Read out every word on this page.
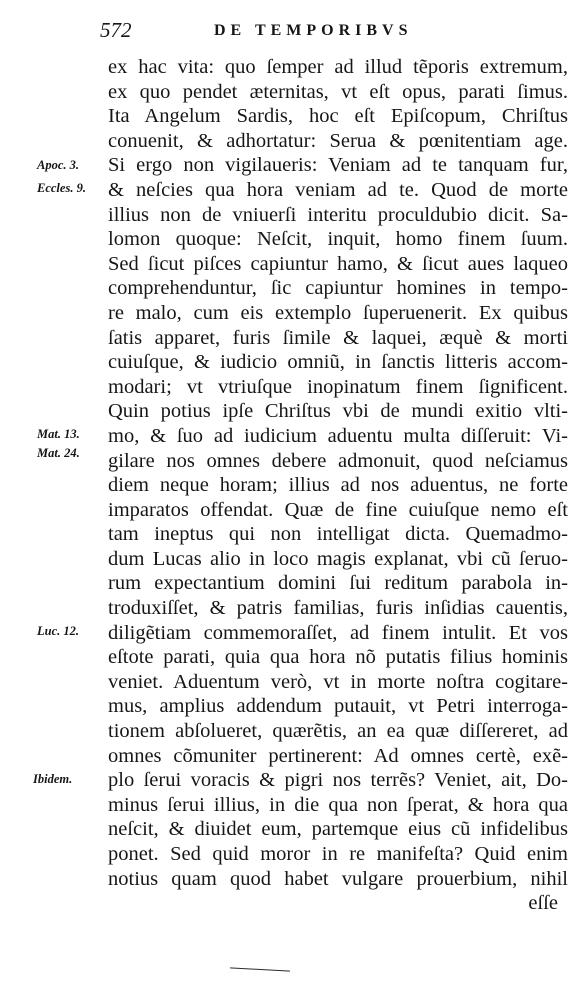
572	DE TEMPORIBVS
Apoc. 3.
Eccles. 9.
Mat. 13.
Mat. 24.
Luc. 12.
Ibidem.
ex hac vita: quo ſemper ad illud tẽporis extremum,
ex quo pendet æternitas, vt eſt opus, parati ſimus.
Ita Angelum Sardis, hoc eſt Epiſcopum, Chriſtus
conuenit, & adhortatur: Serua & pœnitentiam age.
Si ergo non vigilaueris: Veniam ad te tanquam fur,
& neſcies qua hora veniam ad te. Quod de morte
illius non de vniuerſi interitu proculdubio dicit. Sa-
lomon quoque: Neſcit, inquit, homo finem ſuum.
Sed ſicut piſces capiuntur hamo, & ſicut aues laqueo
comprehenduntur, ſic capiuntur homines in tempo-
re malo, cum eis extemplo ſuperuenerit. Ex quibus
ſatis apparet, furis ſimile & laquei, æquè & morti
cuiuſque, & iudicio omniũ, in ſanctis litteris accom-
modari; vt vtriuſque inopinatum finem ſignificent.
Quin potius ipſe Chriſtus vbi de mundi exitio vlti-
mo, & ſuo ad iudicium aduentu multa diſſeruit: Vi-
gilare nos omnes debere admonuit, quod neſciamus
diem neque horam; illius ad nos aduentus, ne forte
imparatos offendat. Quæ de fine cuiuſque nemo eſt
tam ineptus qui non intelligat dicta. Quemadmo-
dum Lucas alio in loco magis explanat, vbi cũ ſeruo-
rum expectantium domini ſui reditum parabola in-
troduxiſſet, & patris familias, furis inſidias cauentis,
diligẽtiam commemoraſſet, ad finem intulit. Et vos
eſtote parati, quia qua hora nõ putatis filius hominis
veniet. Aduentum verò, vt in morte noſtra cogitare-
mus, amplius addendum putauit, vt Petri interroga-
tionem abſolueret, quærẽtis, an ea quæ diſſereret, ad
omnes cõmuniter pertinerent: Ad omnes certè, exẽ-
plo ſerui voracis & pigri nos terrẽs? Veniet, ait, Do-
minus ſerui illius, in die qua non ſperat, & hora qua
neſcit, & diuidet eum, partemque eius cũ infidelibus
ponet. Sed quid moror in re manifeſta? Quid enim
notius quam quod habet vulgare prouerbium, nihil
eſſe
